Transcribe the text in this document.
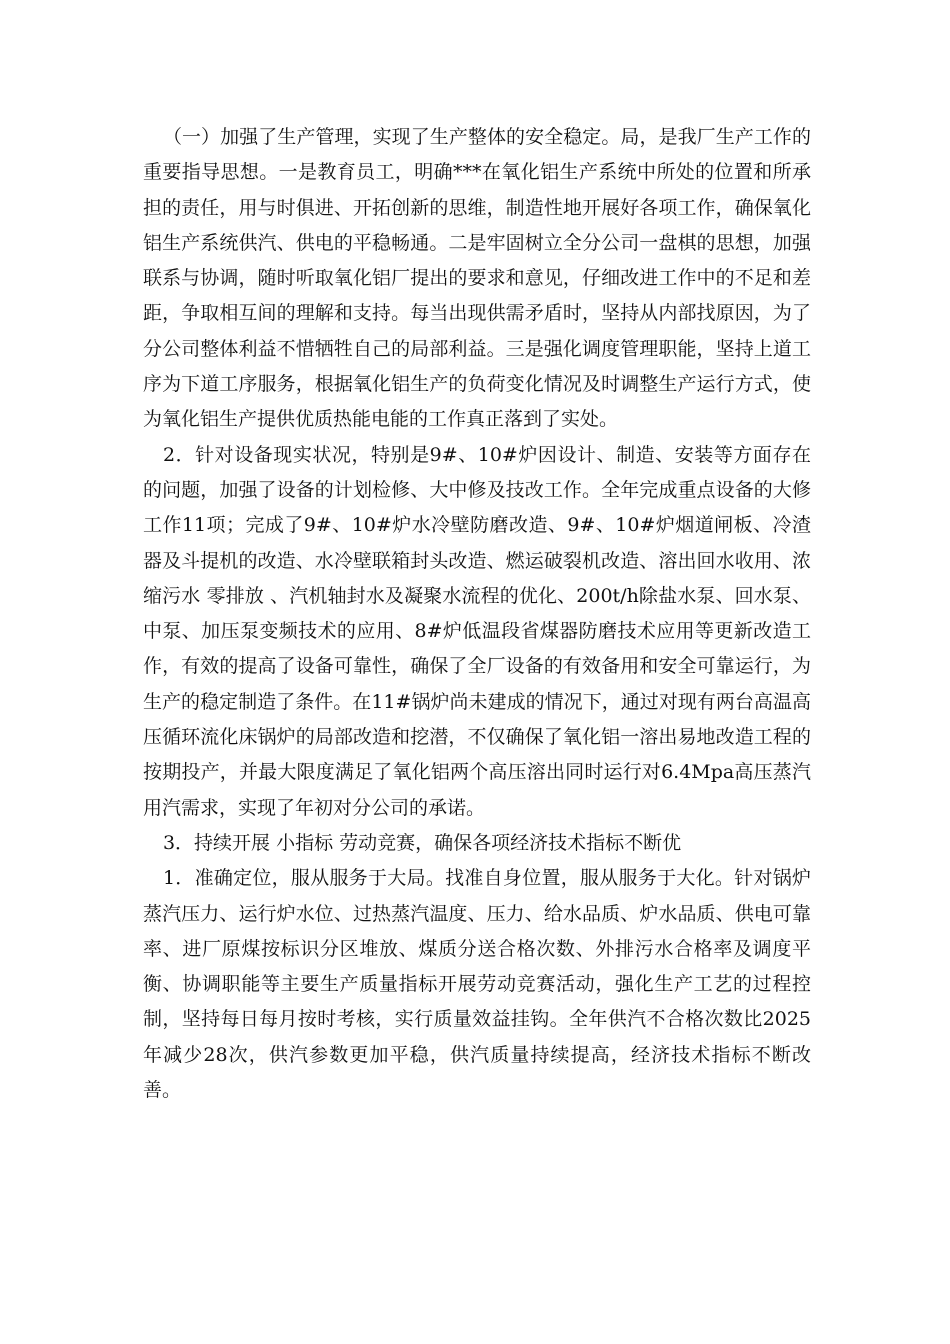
（一）加强了生产管理，实现了生产整体的安全稳定。局，是我厂生产工作的重要指导思想。一是教育员工，明确***在氧化铝生产系统中所处的位置和所承担的责任，用与时俱进、开拓创新的思维，制造性地开展好各项工作，确保氧化铝生产系统供汽、供电的平稳畅通。二是牢固树立全分公司一盘棋的思想，加强联系与协调，随时听取氧化铝厂提出的要求和意见，仔细改进工作中的不足和差距，争取相互间的理解和支持。每当出现供需矛盾时，坚持从内部找原因，为了分公司整体利益不惜牺牲自己的局部利益。三是强化调度管理职能，坚持上道工序为下道工序服务，根据氧化铝生产的负荷变化情况及时调整生产运行方式，使为氧化铝生产提供优质热能电能的工作真正落到了实处。

2．针对设备现实状况，特别是9#、10#炉因设计、制造、安装等方面存在的问题，加强了设备的计划检修、大中修及技改工作。全年完成重点设备的大修工作11项；完成了9#、10#炉水冷壁防磨改造、9#、10#炉烟道闸板、冷渣器及斗提机的改造、水冷壁联箱封头改造、燃运破裂机改造、溶出回水收用、浓缩污水 零排放 、汽机轴封水及凝聚水流程的优化、200t/h除盐水泵、回水泵、中泵、加压泵变频技术的应用、8#炉低温段省煤器防磨技术应用等更新改造工作，有效的提高了设备可靠性，确保了全厂设备的有效备用和安全可靠运行，为生产的稳定制造了条件。在11#锅炉尚未建成的情况下，通过对现有两台高温高压循环流化床锅炉的局部改造和挖潜，不仅确保了氧化铝一溶出易地改造工程的按期投产，并最大限度满足了氧化铝两个高压溶出同时运行对6.4Mpa高压蒸汽用汽需求，实现了年初对分公司的承诺。

3．持续开展 小指标 劳动竞赛，确保各项经济技术指标不断优

1．准确定位，服从服务于大局。找准自身位置，服从服务于大化。针对锅炉蒸汽压力、运行炉水位、过热蒸汽温度、压力、给水品质、炉水品质、供电可靠率、进厂原煤按标识分区堆放、煤质分送合格次数、外排污水合格率及调度平衡、协调职能等主要生产质量指标开展劳动竞赛活动，强化生产工艺的过程控制，坚持每日每月按时考核，实行质量效益挂钩。全年供汽不合格次数比2025年减少28次，供汽参数更加平稳，供汽质量持续提高，经济技术指标不断改善。
